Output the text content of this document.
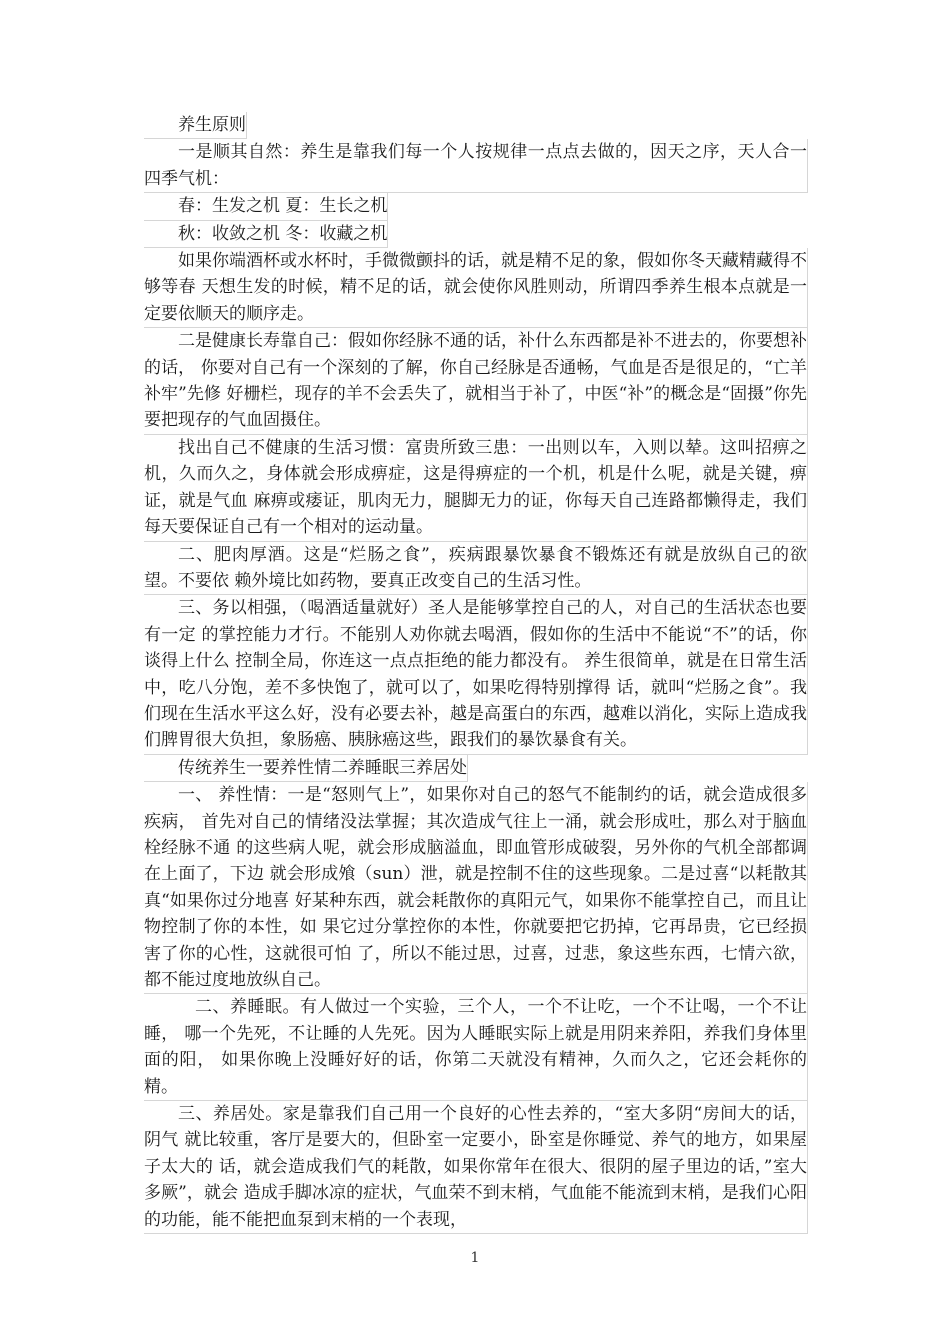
养生原则

一是顺其自然：养生是靠我们每一个人按规律一点点去做的，因天之序，天人合一 四季气机：

春：生发之机 夏：生长之机

秋：收敛之机 冬：收藏之机

如果你端酒杯或水杯时，手微微颤抖的话，就是精不足的象，假如你冬天藏精藏得不够等春 天想生发的时候，精不足的话，就会使你风胜则动，所谓四季养生根本点就是一定要依顺天的顺序走。

二是健康长寿靠自己：假如你经脉不通的话，补什么东西都是补不进去的，你要想补的话， 你要对自己有一个深刻的了解，你自己经脉是否通畅，气血是否是很足的，“亡羊补牢”先修 好栅栏，现存的羊不会丢失了，就相当于补了，中医“补”的概念是“固摄”你先要把现存的气血固摄住。

找出自己不健康的生活习惯：富贵所致三患：一出则以车，入则以辇。这叫招痹之机，久而久之，身体就会形成痹症，这是得痹症的一个机，机是什么呢，就是关键，痹证，就是气血 麻痹或痿证，肌肉无力，腿脚无力的证，你每天自己连路都懒得走，我们每天要保证自己有一个相对的运动量。

二、肥肉厚酒。这是“烂肠之食”，疾病跟暴饮暴食不锻炼还有就是放纵自己的欲望。不要依 赖外境比如药物，要真正改变自己的生活习性。

三、务以相强，（喝酒适量就好）圣人是能够掌控自己的人，对自己的生活状态也要有一定 的掌控能力才行。不能别人劝你就去喝酒，假如你的生活中不能说“不”的话，你谈得上什么 控制全局，你连这一点点拒绝的能力都没有。 养生很简单，就是在日常生活中，吃八分饱，差不多快饱了，就可以了，如果吃得特别撑得 话，就叫“烂肠之食”。我们现在生活水平这么好，没有必要去补，越是高蛋白的东西，越难以消化，实际上造成我们脾胃很大负担，象肠癌、胰脉癌这些，跟我们的暴饮暴食有关。

传统养生一要养性情二养睡眠三养居处

一、 养性情：一是“怒则气上”，如果你对自己的怒气不能制约的话，就会造成很多疾病， 首先对自己的情绪没法掌握；其次造成气往上一涌，就会形成吐，那么对于脑血栓经脉不通 的这些病人呢，就会形成脑溢血，即血管形成破裂，另外你的气机全部都调在上面了，下边 就会形成飧（sun）泄，就是控制不住的这些现象。二是过喜“以耗散其真“如果你过分地喜 好某种东西，就会耗散你的真阳元气，如果你不能掌控自己，而且让物控制了你的本性，如 果它过分掌控你的本性，你就要把它扔掉，它再昂贵，它已经损害了你的心性，这就很可怕 了，所以不能过思，过喜，过悲，象这些东西，七情六欲，都不能过度地放纵自己。

二、养睡眠。有人做过一个实验，三个人，一个不让吃，一个不让喝，一个不让睡， 哪一个先死，不让睡的人先死。因为人睡眠实际上就是用阴来养阳，养我们身体里面的阳， 如果你晚上没睡好好的话，你第二天就没有精神，久而久之，它还会耗你的精。

三、养居处。家是靠我们自己用一个良好的心性去养的，“室大多阴“房间大的话，阴气 就比较重，客厅是要大的，但卧室一定要小，卧室是你睡觉、养气的地方，如果屋子太大的 话，就会造成我们气的耗散，如果你常年在很大、很阴的屋子里边的话，”室大多厥”，就会 造成手脚冰凉的症状，气血荣不到末梢，气血能不能流到末梢，是我们心阳的功能，能不能把血泵到末梢的一个表现，

1
